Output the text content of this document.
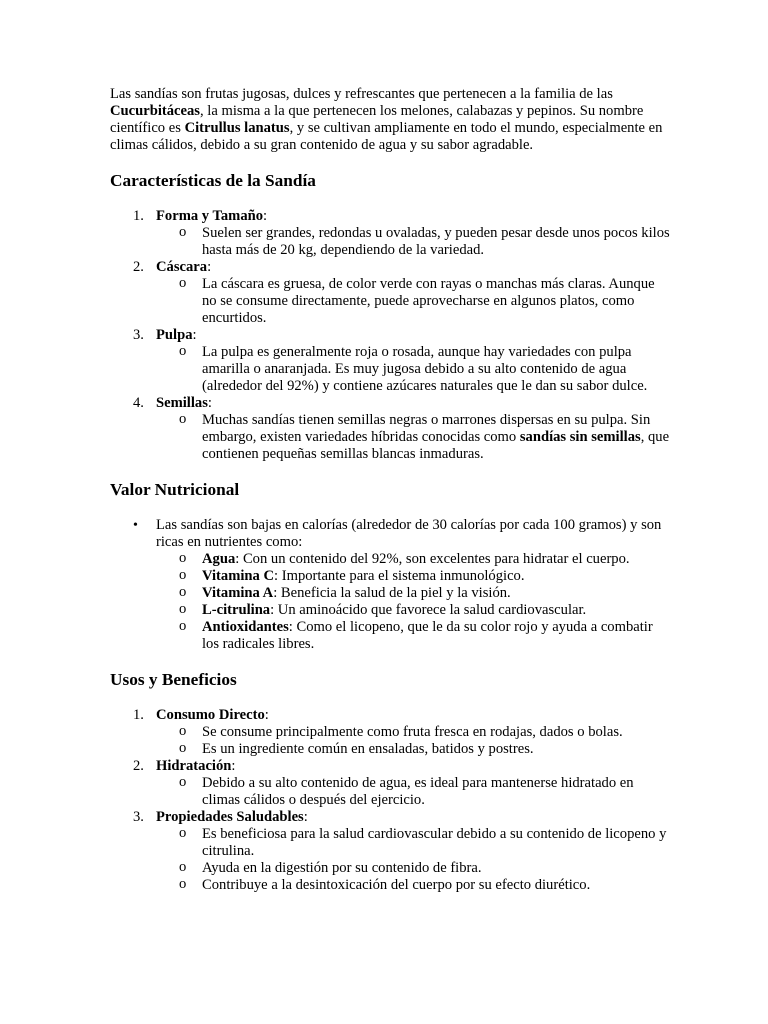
Las sandías son frutas jugosas, dulces y refrescantes que pertenecen a la familia de las Cucurbitáceas, la misma a la que pertenecen los melones, calabazas y pepinos. Su nombre científico es Citrullus lanatus, y se cultivan ampliamente en todo el mundo, especialmente en climas cálidos, debido a su gran contenido de agua y su sabor agradable.

Características de la Sandía
1. Forma y Tamaño:
o Suelen ser grandes, redondas u ovaladas, y pueden pesar desde unos pocos kilos hasta más de 20 kg, dependiendo de la variedad.
2. Cáscara:
o La cáscara es gruesa, de color verde con rayas o manchas más claras. Aunque no se consume directamente, puede aprovecharse en algunos platos, como encurtidos.
3. Pulpa:
o La pulpa es generalmente roja o rosada, aunque hay variedades con pulpa amarilla o anaranjada. Es muy jugosa debido a su alto contenido de agua (alrededor del 92%) y contiene azúcares naturales que le dan su sabor dulce.
4. Semillas:
o Muchas sandías tienen semillas negras o marrones dispersas en su pulpa. Sin embargo, existen variedades híbridas conocidas como sandías sin semillas, que contienen pequeñas semillas blancas inmaduras.
Valor Nutricional
• Las sandías son bajas en calorías (alrededor de 30 calorías por cada 100 gramos) y son ricas en nutrientes como:
o Agua: Con un contenido del 92%, son excelentes para hidratar el cuerpo.
o Vitamina C: Importante para el sistema inmunológico.
o Vitamina A: Beneficia la salud de la piel y la visión.
o L-citrulina: Un aminoácido que favorece la salud cardiovascular.
o Antioxidantes: Como el licopeno, que le da su color rojo y ayuda a combatir los radicales libres.
Usos y Beneficios
1. Consumo Directo:
o Se consume principalmente como fruta fresca en rodajas, dados o bolas.
o Es un ingrediente común en ensaladas, batidos y postres.
2. Hidratación:
o Debido a su alto contenido de agua, es ideal para mantenerse hidratado en climas cálidos o después del ejercicio.
3. Propiedades Saludables:
o Es beneficiosa para la salud cardiovascular debido a su contenido de licopeno y citrulina.
o Ayuda en la digestión por su contenido de fibra.
o Contribuye a la desintoxicación del cuerpo por su efecto diurético.
